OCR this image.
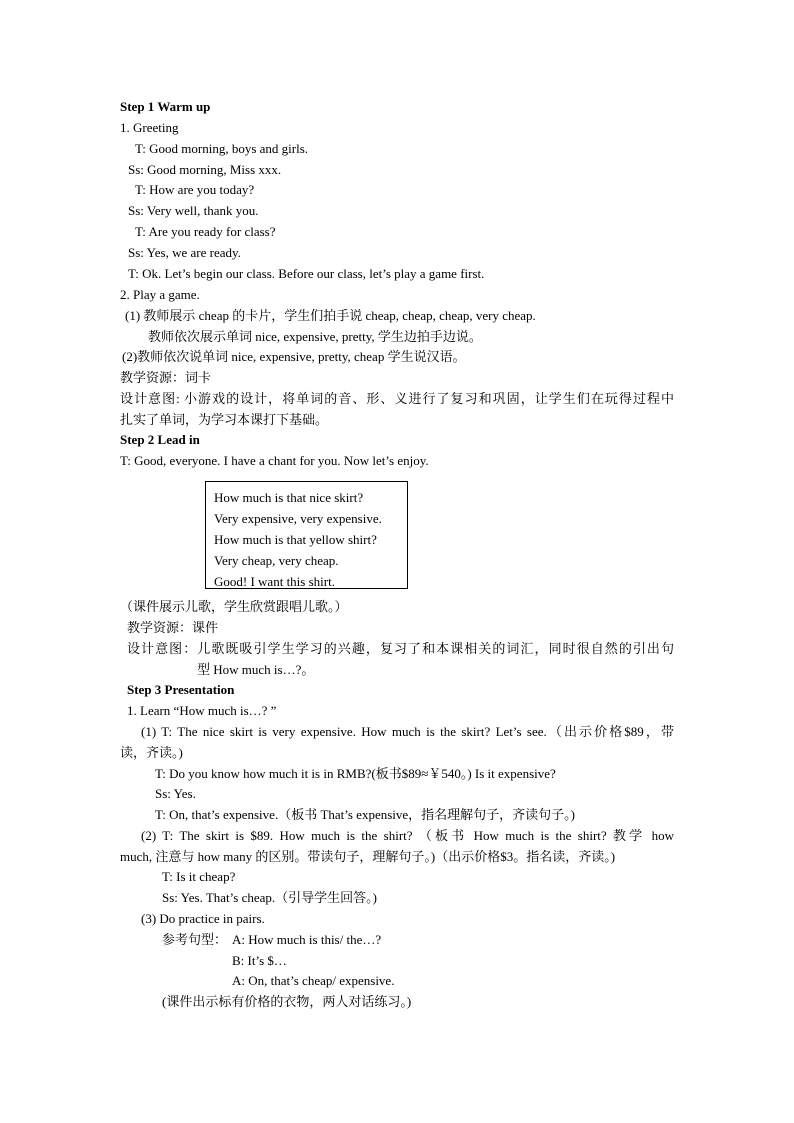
Step 1 Warm up
1. Greeting
T: Good morning, boys and girls.
Ss: Good morning, Miss xxx.
T: How are you today?
Ss: Very well, thank you.
T: Are you ready for class?
Ss: Yes, we are ready.
T: Ok. Let’s begin our class. Before our class, let’s play a game first.
2. Play a game.
(1) 教师展示 cheap 的卡片，学生们拍手说 cheap, cheap, cheap, very cheap.
教师依次展示单词 nice, expensive, pretty, 学生边拍手边说。
(2)教师依次说单词 nice, expensive, pretty, cheap 学生说汉语。
教学资源：词卡
设计意图: 小游戏的设计，将单词的音、形、义进行了复习和巩固，让学生们在玩得过程中
扎实了单词，为学习本课打下基础。
Step 2 Lead in
T: Good, everyone. I have a chant for you. Now let’s enjoy.
How much is that nice skirt?
Very expensive, very expensive.
How much is that yellow shirt?
Very cheap, very cheap.
Good! I want this shirt.
（课件展示儿歌，学生欣赏跟唱儿歌。）
教学资源：课件
设计意图：儿歌既吸引学生学习的兴趣，复习了和本课相关的词汇，同时很自然的引出句
型 How much is…?。
Step 3 Presentation
1. Learn “How much is…? ”
(1) T: The nice skirt is very expensive. How much is the skirt? Let’s see.（出示价格$89，带
读，齐读。)
T: Do you know how much it is in RMB?(板书$89≈￥540。) Is it expensive?
Ss: Yes.
T: On, that’s expensive.（板书 That’s expensive，指名理解句子，齐读句子。)
(2) T: The skirt is $89. How much is the shirt? （板书 How much is the shirt? 教学 how
much, 注意与 how many 的区别。带读句子，理解句子。)（出示价格$3。指名读，齐读。)
T: Is it cheap?
Ss: Yes. That’s cheap.（引导学生回答。)
(3) Do practice in pairs.
参考句型： A: How much is this/ the…?
B: It’s $…
A: On, that’s cheap/ expensive.
(课件出示标有价格的衣物，两人对话练习。)
